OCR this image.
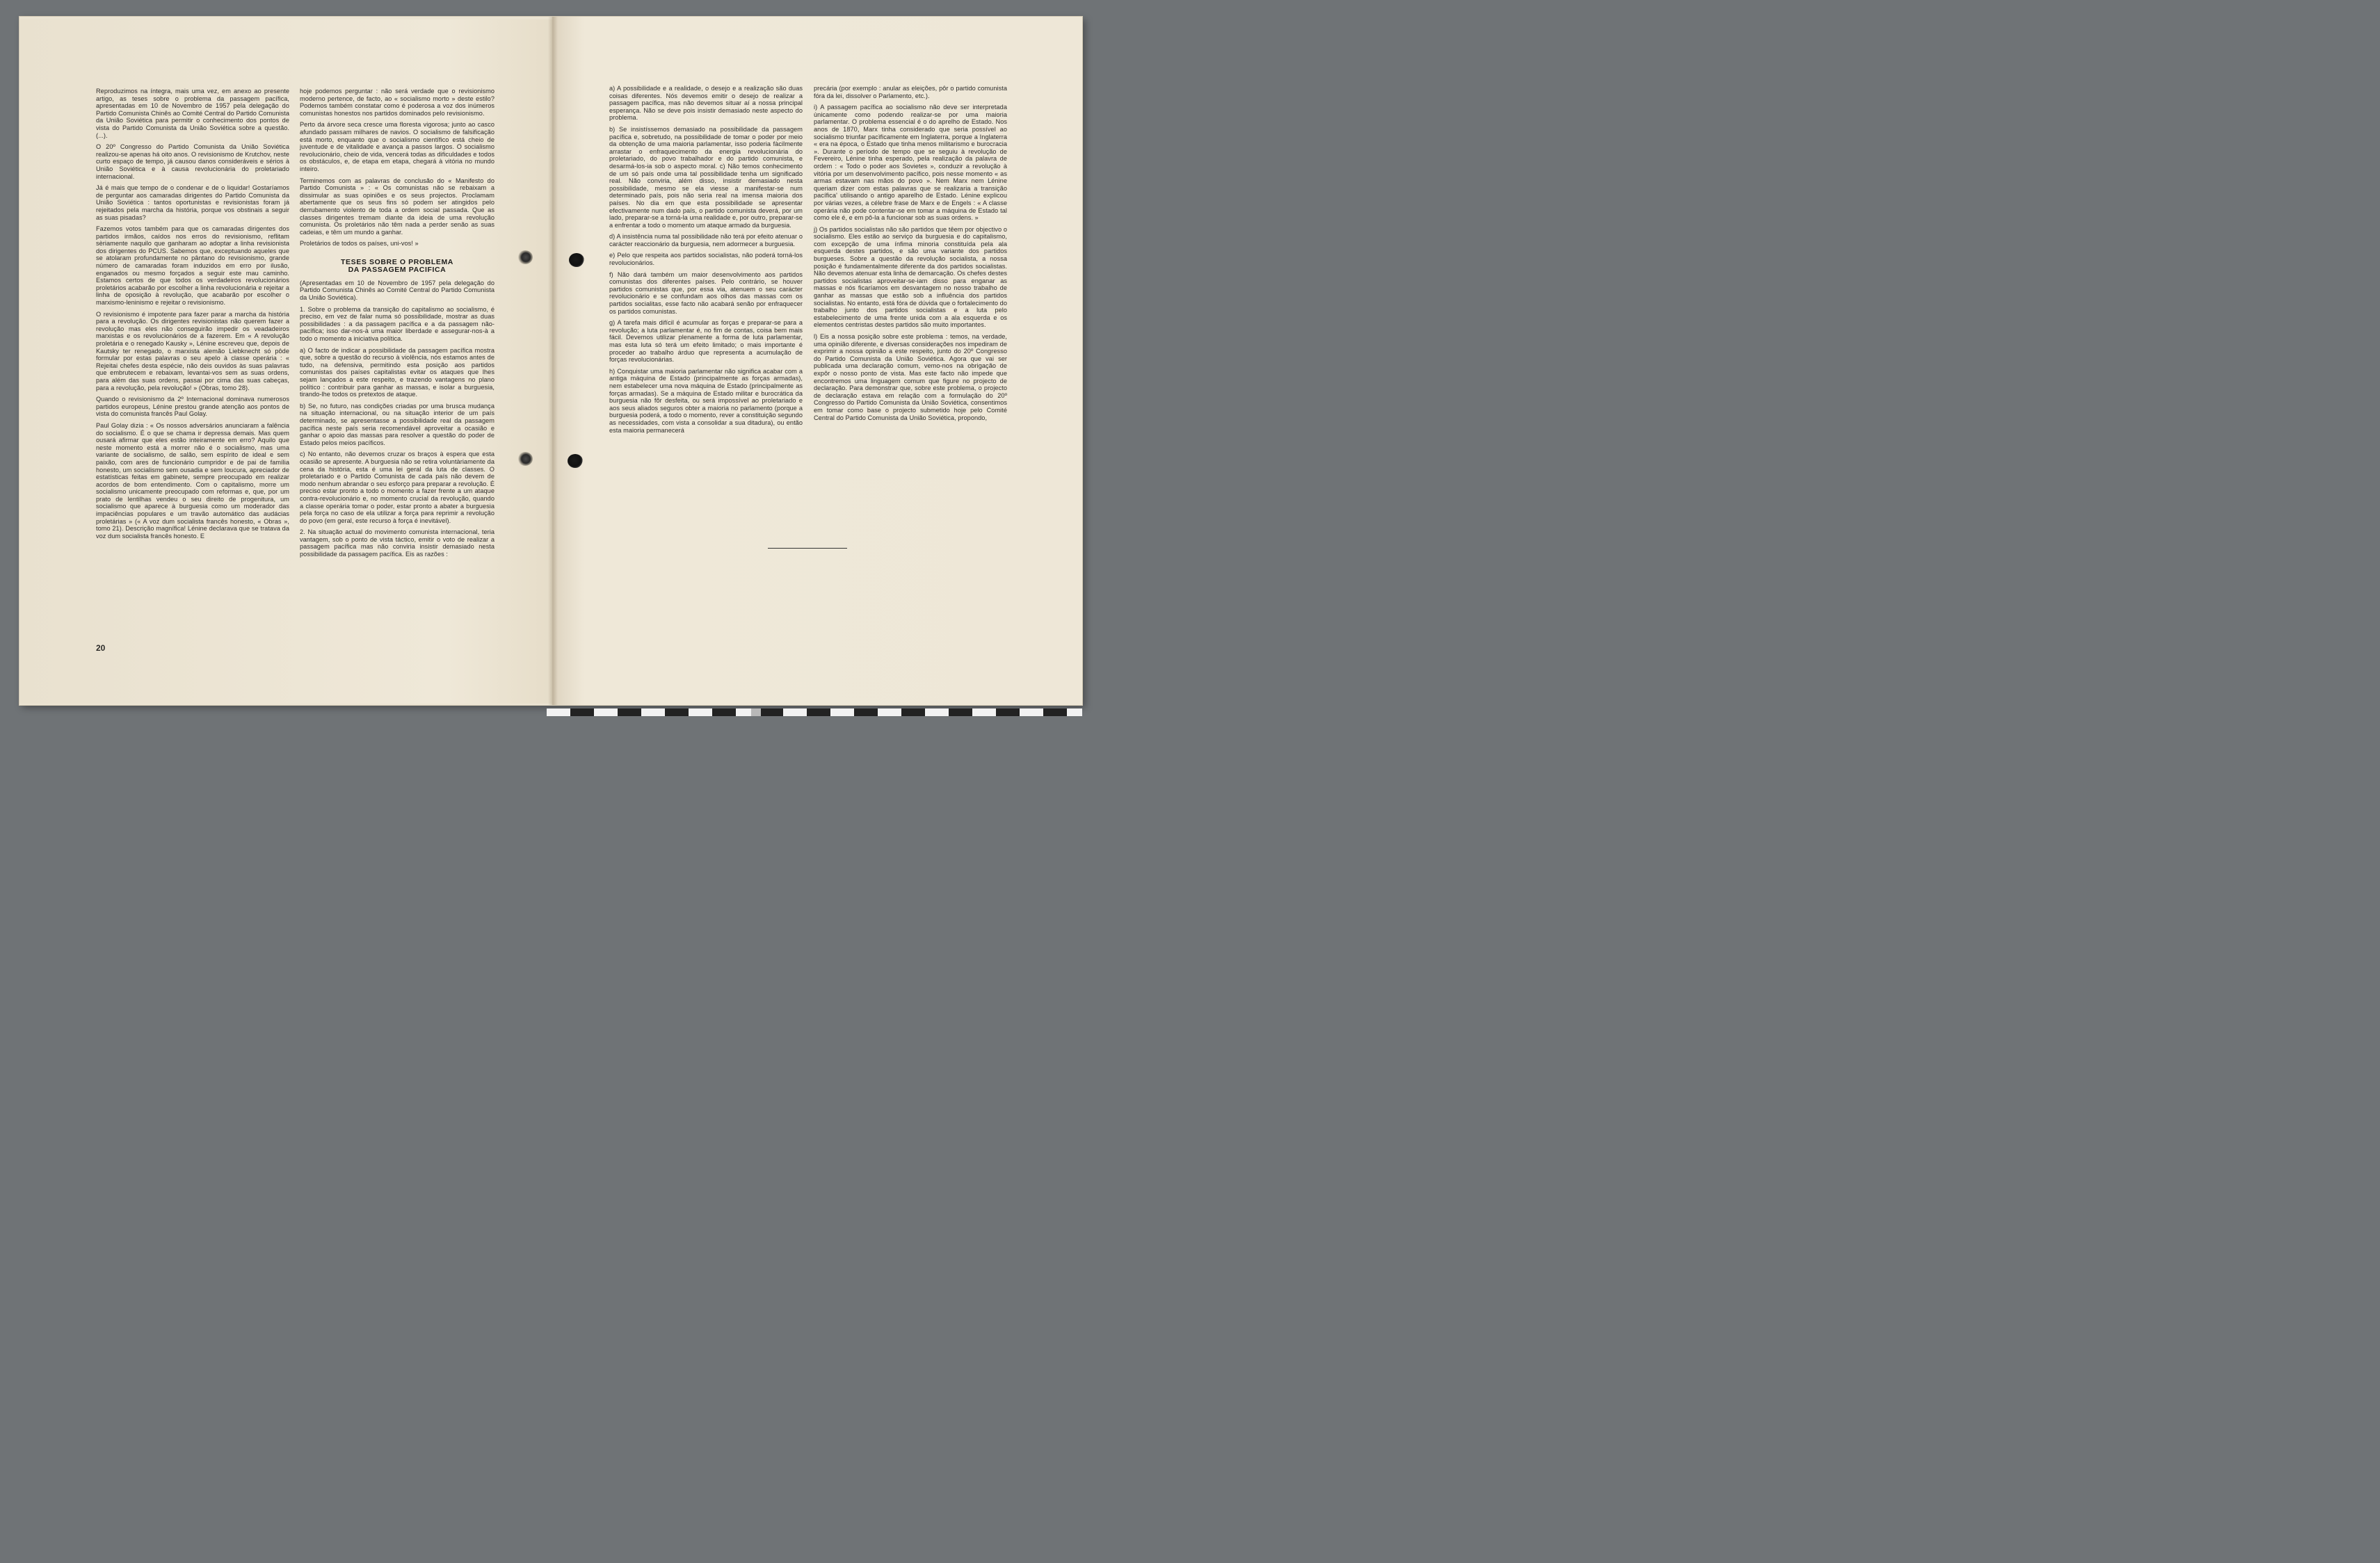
Reproduzimos na íntegra, mais uma vez, em anexo ao presente artigo, as teses sobre o problema da passagem pacífica, apresentadas em 10 de Novembro de 1957 pela delegação do Partido Comunista Chinês ao Comité Central do Partido Comunista da União Soviética para permitir o conhecimento dos pontos de vista do Partido Comunista da União Soviética sobre a questão. (...).

O 20º Congresso do Partido Comunista da União Soviética realizou-se apenas há oito anos. O revisionismo de Krutchov, neste curto espaço de tempo, já causou danos consideráveis e sérios à União Soviética e à causa revolucionária do proletariado internacional.

Já é mais que tempo de o condenar e de o liquidar! Gostaríamos de perguntar aos camaradas dirigentes do Partido Comunista da União Soviética : tantos oportunistas e revisionistas foram já rejeitados pela marcha da história, porque vos obstinais a seguir as suas pisadas?

Fazemos votos também para que os camaradas dirigentes dos partidos irmãos, caídos nos erros do revisionismo, reflitam sèriamente naquilo que ganharam ao adoptar a linha revisionista dos dirigentes do PCUS. Sabemos que, exceptuando aqueles que se atolaram profundamente no pântano do revisionismo, grande número de camaradas foram induzidos em erro por ilusão, enganados ou mesmo forçados a seguir este mau caminho. Estamos certos de que todos os verdadeiros revolucionários proletários acabarão por escolher a linha revolucionária e rejeitar a linha de oposição à revolução, que acabarão por escolher o marxismo-leninismo e rejeitar o revisionismo.

O revisionismo é impotente para fazer parar a marcha da história para a revolução. Os dirigentes revisionistas não querem fazer a revolução mas eles não conseguirão impedir os veadadeiros marxistas e os revolucionários de a fazerem. Em « A revolução proletária e o renegado Kausky », Lénine escreveu que, depois de Kautsky ter renegado, o marxista alemão Liebknecht só pôde formular por estas palavras o seu apelo à classe operária : « Rejeitai chefes desta espécie, não deis ouvidos às suas palavras que embrutecem e rebaixam, levantai-vos sem as suas ordens, para além das suas ordens, passai por cima das suas cabeças, para a revolução, pela revolução! » (Obras, tomo 28).

Quando o revisionismo da 2º Internacional dominava numerosos partidos europeus, Lénine prestou grande atenção aos pontos de vista do comunista francês Paul Golay.

Paul Golay dizia : « Os nossos adversários anunciaram a falência do socialismo. É o que se chama ir depressa demais. Mas quem ousará afirmar que eles estão inteiramente em erro? Aquilo que neste momento está a morrer não é o socialismo, mas uma variante de socialismo, de salão, sem espírito de ideal e sem paixão, com ares de funcionário cumpridor e de pai de família honesto, um socialismo sem ousadia e sem loucura, apreciador de estatísticas feitas em gabinete, sempre preocupado em realizar acordos de bom entendimento. Com o capitalismo, morre um socialismo unicamente preocupado com reformas e, que, por um prato de lentilhas vendeu o seu direito de progenitura, um socialismo que aparece à burguesia como um moderador das impaciências populares e um travão automático das audácias proletárias » (« A voz dum socialista francês honesto, « Obras », tomo 21). Descrição magnífica! Lénine declarava que se tratava da voz dum socialista francês honesto. E

hoje podemos perguntar : não será verdade que o revisionismo moderno pertence, de facto, ao « socialismo morto » deste estilo? Podemos também constatar como é poderosa a voz dos inúmeros comunistas honestos nos partidos dominados pelo revisionismo.

Perto da árvore seca cresce uma floresta vigorosa; junto ao casco afundado passam milhares de navios. O socialismo de falsificação está morto, enquanto que o socialismo científico está cheio de juventude e de vitalidade e avança a passos largos. O socialismo revolucionário, cheio de vida, vencerá todas as dificuldades e todos os obstáculos, e, de etapa em etapa, chegará à vitória no mundo inteiro.

Terminemos com as palavras de conclusão do « Manifesto do Partido Comunista » : « Os comunistas não se rebaixam a dissimular as suas opiniões e os seus projectos. Proclamam abertamente que os seus fins só podem ser atingidos pelo derrubamento violento de toda a ordem social passada. Que as classes dirigentes tremam diante da ideia de uma revolução comunista. Os proletários não têm nada a perder senão as suas cadeias, e têm um mundo a ganhar.

Proletários de todos os países, uni-vos! »

TESES SOBRE O PROBLEMA
DA PASSAGEM PACIFICA

(Apresentadas em 10 de Novembro de 1957 pela delegação do Partido Comunista Chinês ao Comité Central do Partido Comunista da União Soviética).

1. Sobre o problema da transição do capitalismo ao socialismo, é preciso, em vez de falar numa só possibilidade, mostrar as duas possibilidades : a da passagem pacífica e a da passagem não-pacífica; isso dar-nos-à uma maior liberdade e assegurar-nos-à a todo o momento a iniciativa política.

a) O facto de indicar a possibilidade da passagem pacífica mostra que, sobre a questão do recurso à violência, nós estamos antes de tudo, na defensiva, permitindo esta posição aos partidos comunistas dos países capitalistas evitar os ataques que lhes sejam lançados a este respeito, e trazendo vantagens no plano político : contribuir para ganhar as massas, e isolar a burguesia, tirando-lhe todos os pretextos de ataque.

b) Se, no futuro, nas condições criadas por uma brusca mudança na situação internacional, ou na situação interior de um país determinado, se apresentasse a possibilidade real da passagem pacífica neste país seria recomendável aproveitar a ocasião e ganhar o apoio das massas para resolver a questão do poder de Estado pelos meios pacíficos.

c) No entanto, não devemos cruzar os braços à espera que esta ocasião se apresente. A burguesia não se retira voluntàriamente da cena da história, esta é uma lei geral da luta de classes. O proletariado e o Partido Comunista de cada país não devem de modo nenhum abrandar o seu esforço para preparar a revolução. É preciso estar pronto a todo o momento a fazer frente a um ataque contra-revolucionário e, no momento crucial da revolução, quando a classe operária tomar o poder, estar pronto a abater a burguesia pela força no caso de ela utilizar a força para reprimir a revolução do povo (em geral, este recurso à força é inevitável).

2. Na situação actual do movimento comunista internacional, teria vantagem, sob o ponto de vista táctico, emitir o voto de realizar a passagem pacífica mas não conviria insistir demasiado nesta possibilidade da passagem pacífica. Eis as razões :

20

a) A possibilidade e a realidade, o desejo e a realização são duas coisas diferentes. Nós devemos emitir o desejo de realizar a passagem pacífica, mas não devemos situar aí a nossa principal esperança. Não se deve pois insistir demasiado neste aspecto do problema.

b) Se insistíssemos demasiado na possibilidade da passagem pacífica e, sobretudo, na possibilidade de tomar o poder por meio da obtenção de uma maioria parlamentar, isso poderia fàcilmente arrastar o enfraquecimento da energia revolucionária do proletariado, do povo trabalhador e do partido comunista, e desarmá-los-ia sob o aspecto moral. c) Não temos conhecimento de um só país onde uma tal possibilidade tenha um significado real. Não conviria, além disso, insistir demasiado nesta possibilidade, mesmo se ela viesse a manifestar-se num determinado país, pois não seria real na imensa maioria dos países. No dia em que esta possibilidade se apresentar efectivamente num dado país, o partido comunista deverá, por um lado, preparar-se a torná-la uma realidade e, por outro, preparar-se a enfrentar a todo o momento um ataque armado da burguesia.

d) A insistência numa tal possibilidade não terá por efeito atenuar o carácter reaccionário da burguesia, nem adormecer a burguesia.

e) Pelo que respeita aos partidos socialistas, não poderá torná-los revolucionários.

f) Não dará também um maior desenvolvimento aos partidos comunistas dos diferentes países. Pelo contrário, se houver partidos comunistas que, por essa via, atenuem o seu carácter revolucionário e se confundam aos olhos das massas com os partidos socialitas, esse facto não acabará senão por enfraquecer os partidos comunistas.

g) A tarefa mais difícil é acumular as forças e preparar-se para a revolução; a luta parlamentar é, no fim de contas, coisa bem mais fácil. Devemos utilizar plenamente a forma de luta parlamentar, mas esta luta só terá um efeito limitado; o mais importante é proceder ao trabalho árduo que representa a acumulação de forças revolucionárias.

h) Conquistar uma maioria parlamentar não significa acabar com a antiga máquina de Estado (principalmente as forças armadas), nem estabelecer uma nova máquina de Estado (principalmente as forças armadas). Se a máquina de Estado militar e burocrática da burguesia não fôr desfeita, ou será impossível ao proletariado e aos seus aliados seguros obter a maioria no parlamento (porque a burguesia poderá, a todo o momento, rever a constituição segundo as necessidades, com vista a consolidar a sua ditadura), ou então esta maioria permanecerá

precária (por exemplo : anular as eleições, pôr o partido comunista fóra da lei, dissolver o Parlamento, etc.).

i) A passagem pacífica ao socialismo não deve ser interpretada ùnicamente como podendo realizar-se por uma maioria parlamentar. O problema essencial é o do aprelho de Estado. Nos anos de 1870, Marx tinha considerado que seria possível ao socialismo triunfar pacìficamente em Inglaterra, porque a Inglaterra « era na época, o Estado que tinha menos militarismo e burocracia ». Durante o período de tempo que se seguiu à revolução de Fevereiro, Lénine tinha esperado, pela realização da palavra de ordem : « Todo o poder aos Sovietes », conduzir a revolução à vitória por um desenvolvimento pacífico, pois nesse momento « as armas estavam nas mãos do povo ». Nem Marx nem Lénine queriam dizer com estas palavras que se realizaria a transição pacífica' utilisando o antigo aparelho de Estado. Lénine explicou por várias vezes, a célebre frase de Marx e de Engels : « A classe operária não pode contentar-se em tomar a máquina de Estado tal como ele é, e em pô-la a funcionar sob as suas ordens. »

j) Os partidos socialistas não são partidos que têem por objectivo o socialismo. Eles estão ao serviço da burguesia e do capitalismo, com excepção de uma ínfima minoria constituída pela ala esquerda destes partidos, e são uma variante dos partidos burgueses. Sobre a questão da revolução socialista, a nossa posição é fundamentalmente diferente da dos partidos socialistas. Não devemos atenuar esta linha de demarcação. Os chefes destes partidos socialistas aproveitar-se-iam disso para enganar as massas e nós ficaríamos em desvantagem no nosso trabalho de ganhar as massas que estão sob a influência dos partidos socialistas. No entanto, está fóra de dúvida que o fortalecimento do trabalho junto dos partidos socialistas e a luta pelo estabelecimento de uma frente unida com a ala esquerda e os elementos centristas destes partidos são muito importantes.

l) Eis a nossa posição sobre este problema : temos, na verdade, uma opinião diferente, e diversas considerações nos impediram de exprimir a nossa opinião a este respeito, junto do 20º Congresso do Partido Comunista da União Soviética. Agora que vai ser publicada uma declaração comum, vemo-nos na obrigação de expôr o nosso ponto de vista. Mas este facto não impede que encontremos uma linguagem comum que figure no projecto de declaração. Para demonstrar que, sobre este problema, o projecto de declaração estava em relação com a formulação do 20º Congresso do Partido Comunista da União Soviética, consentimos em tomar como base o projecto submetido hoje pelo Comité Central do Partido Comunista da União Soviética, propondo,
